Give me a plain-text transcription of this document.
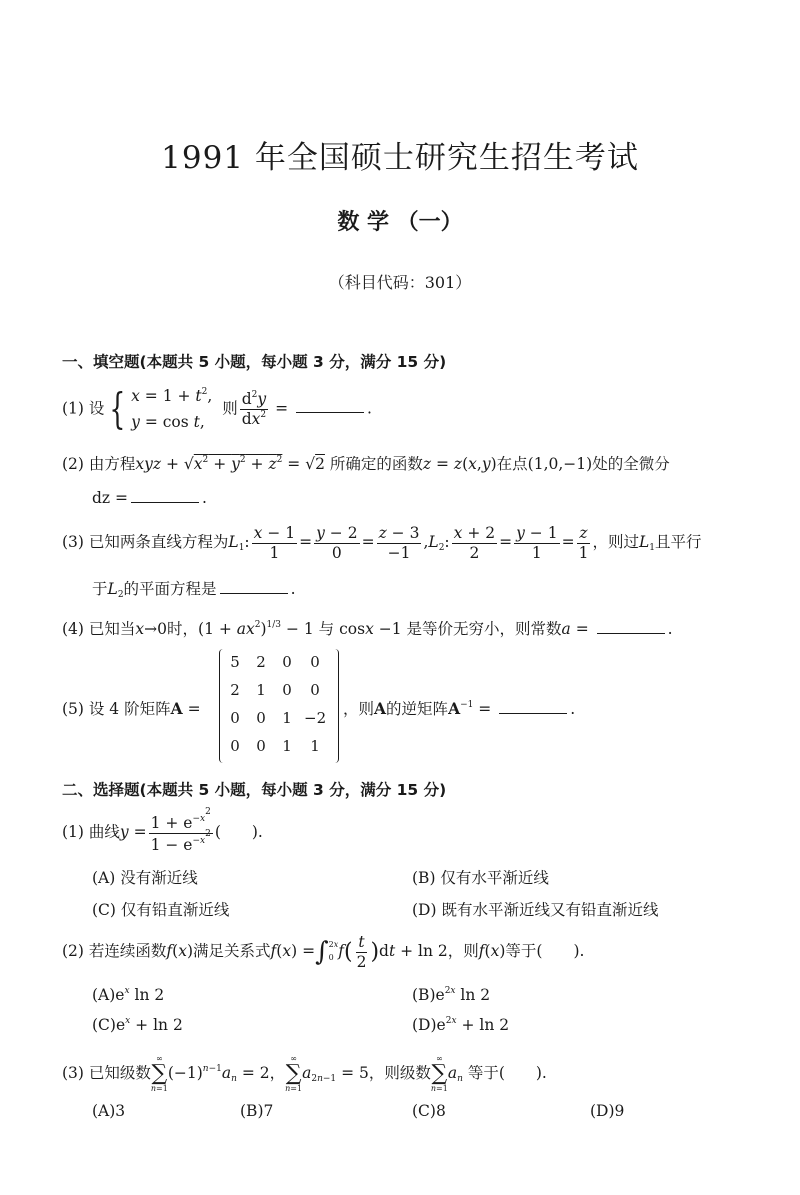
1991 年全国硕士研究生招生考试
数 学 （一）
（科目代码：301）
一、填空题(本题共 5 小题，每小题 3 分，满分 15 分)
(1) 设 { $x = 1 + t^2$,
y = cos t,  则 $\frac{d^2y}{dx^2}$ =	.
(2) 由方程xyz + $√x^2 + y^2 + z^2 = √2$ 所确定的函数z = z(x,y)在点(1,0,−1)处的全微分
dz =	.
(3) 已知两条直线方程为$L_1$: $\frac{x - 1}{1} = \frac{y - 2}{0} = \frac{z - 3}{-1} ,L_2$: $\frac{x + 2}{2} = \frac{y - 1}{1} = \frac{z}{1}$ ，则过$L_1$且平行
于$L_2$的平面方程是	.
(4) 已知当x→0时，$(1 + ax^2)^{1/3} - 1$ 与 cosx −1 是等价无穷小，则常数a =	.
(5) 设 4 阶矩阵A =
5	2	0	0
2	1	0	0
0	0	1 −2
0	0	1	1
，则A的逆矩阵$A^{-1}$ =	.
二、选择题(本题共 5 小题，每小题 3 分，满分 15 分)
(1) 曲线$y = \frac{1 + e^{-x^2}}{1 - e^{-x^2}}$ (　　).
(A) 没有渐近线	(B) 仅有水平渐近线
(C) 仅有铅直渐近线	(D) 既有水平渐近线又有铅直渐近线
(2) 若连续函数f(x)满足关系式f(x) =∫ 2x
0 $f( \frac{t}{2} )dt + \ln 2$，则f(x)等于(　　).
$(A)e^x$ ln 2	$(B)e^{2x}$ ln 2
$(C)e^x + \ln 2$	$(D)e^{2x} + \ln 2$
(3) 已知级数
∞
∑
n=1
$(-1)^{n-1}a_n = 2$，
∞
∑
n=1
$a_{2n-1} = 5$，则级数
∞
∑
n=1
$a_n$ 等于(　　).
(A)3	(B)7	(C)8	(D)9
